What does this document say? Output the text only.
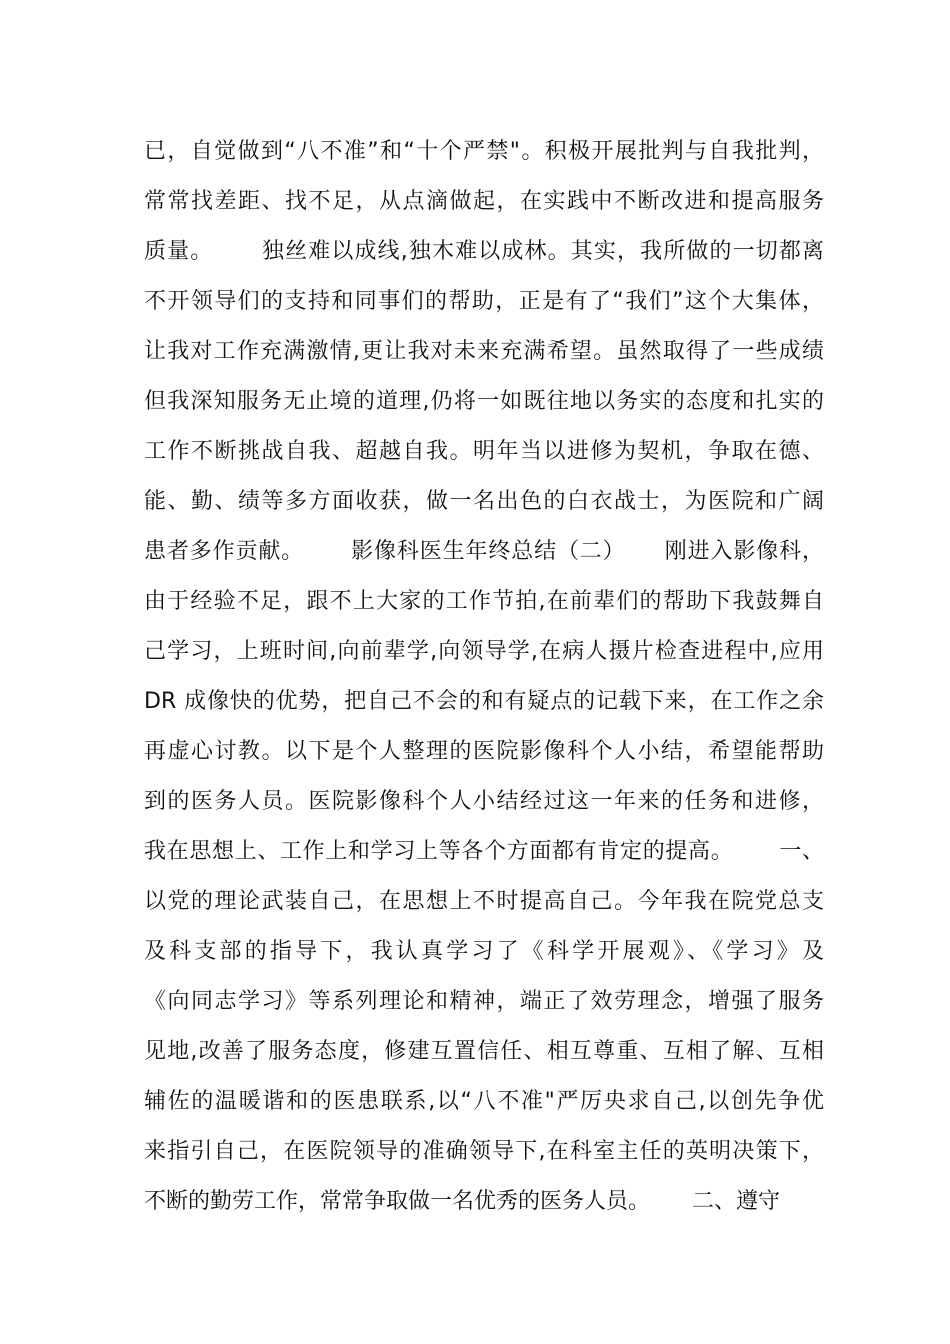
已，自觉做到“八不准”和“十个严禁"。积极开展批判与自我批判，
常常找差距、找不足，从点滴做起，在实践中不断改进和提高服务
质量。      独丝难以成线,独木难以成林。其实，我所做的一切都离
不开领导们的支持和同事们的帮助，正是有了“我们”这个大集体，
让我对工作充满激情,更让我对未来充满希望。虽然取得了一些成绩
但我深知服务无止境的道理,仍将一如既往地以务实的态度和扎实的
工作不断挑战自我、超越自我。明年当以进修为契机，争取在德、
能、勤、绩等多方面收获，做一名出色的白衣战士，为医院和广阔
患者多作贡献。      影像科医生年终总结（二）     刚进入影像科，
由于经验不足，跟不上大家的工作节拍,在前辈们的帮助下我鼓舞自
己学习，上班时间,向前辈学,向领导学,在病人摄片检查进程中,应用
DR 成像快的优势，把自己不会的和有疑点的记载下来，在工作之余
再虚心讨教。以下是个人整理的医院影像科个人小结，希望能帮助
到的医务人员。医院影像科个人小结经过这一年来的任务和进修，
我在思想上、工作上和学习上等各个方面都有肯定的提高。      一、
以党的理论武装自己，在思想上不时提高自己。今年我在院党总支
及科支部的指导下，我认真学习了《科学开展观》、《学习》及
《向同志学习》等系列理论和精神，端正了效劳理念，增强了服务
见地,改善了服务态度，修建互置信任、相互尊重、互相了解、互相
辅佐的温暖谐和的医患联系,以“八不准"严厉央求自己,以创先争优
来指引自己，在医院领导的准确领导下,在科室主任的英明决策下，
不断的勤劳工作，常常争取做一名优秀的医务人员。      二、遵守
